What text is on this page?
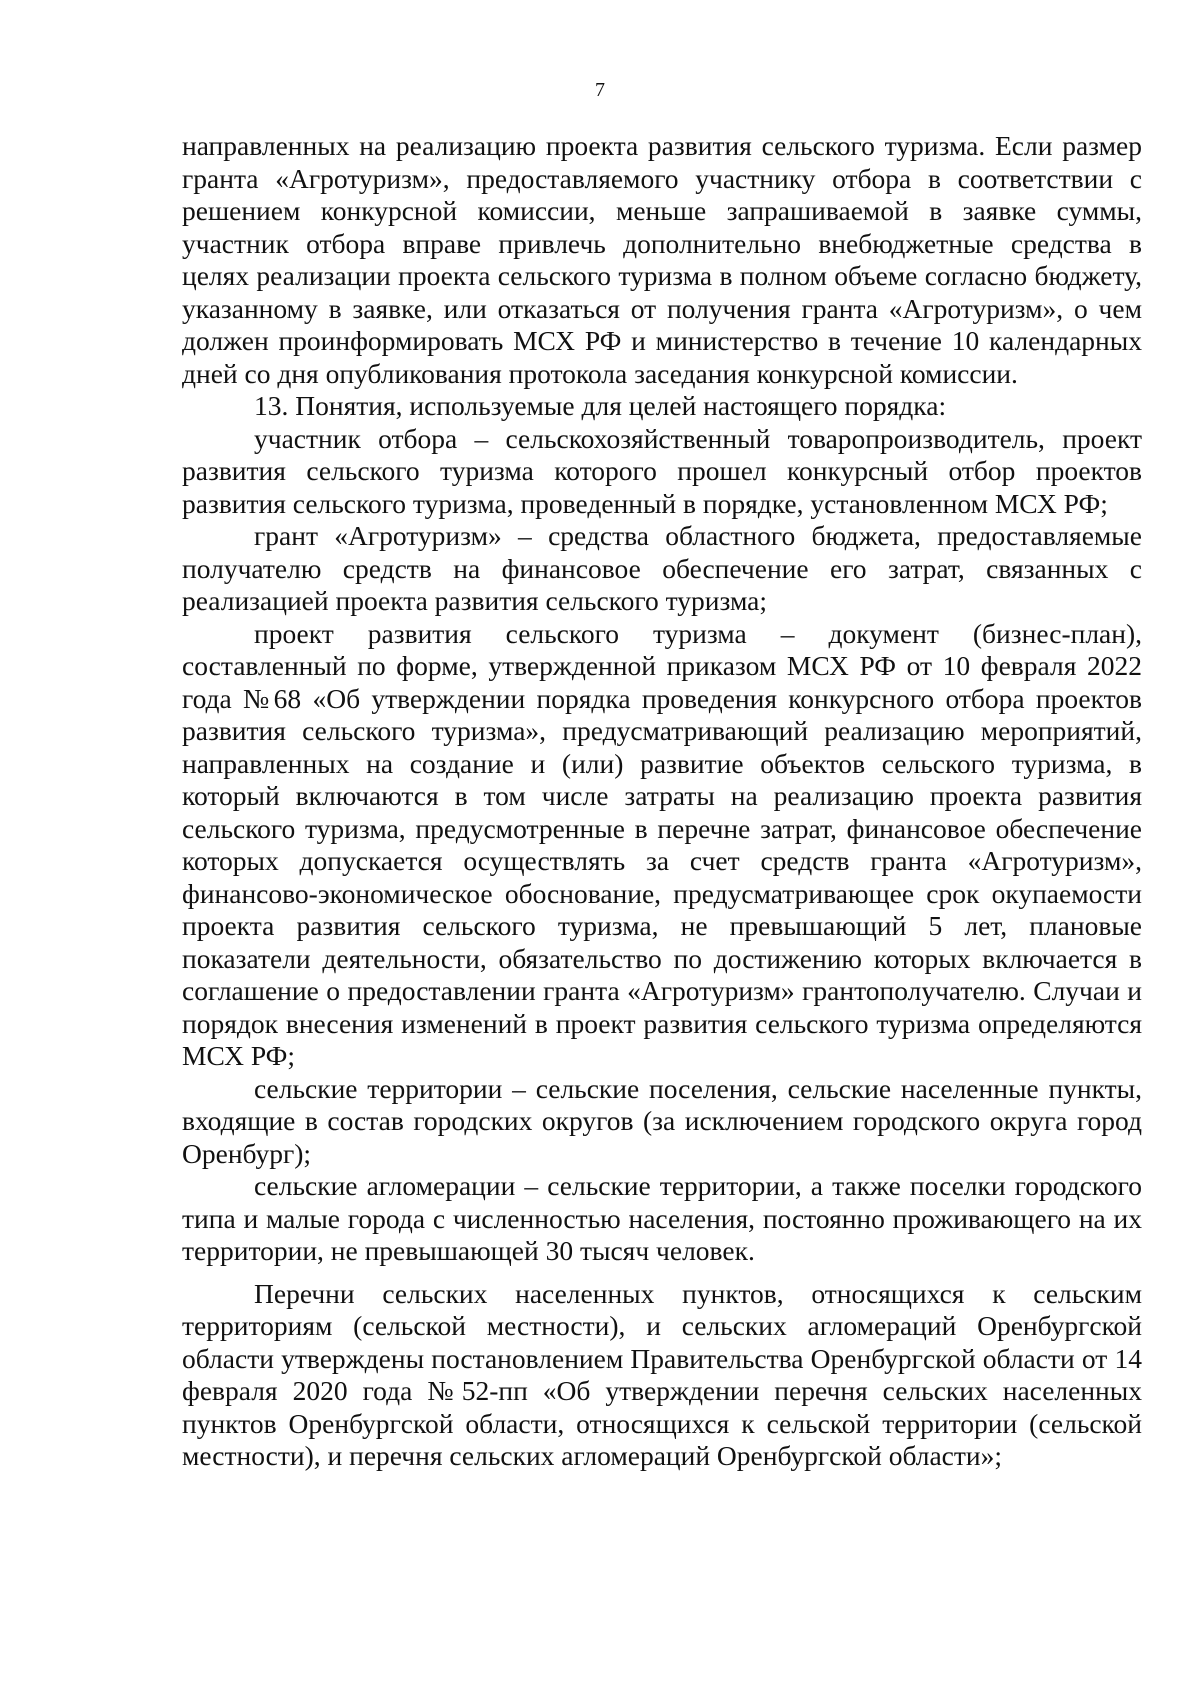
7

направленных на реализацию проекта развития сельского туризма. Если размер гранта «Агротуризм», предоставляемого участнику отбора в соответствии с решением конкурсной комиссии, меньше запрашиваемой в заявке суммы, участник отбора вправе привлечь дополнительно внебюджетные средства в целях реализации проекта сельского туризма в полном объеме согласно бюджету, указанному в заявке, или отказаться от получения гранта «Агротуризм», о чем должен проинформировать МСХ РФ и министерство в течение 10 календарных дней со дня опубликования протокола заседания конкурсной комиссии.

13. Понятия, используемые для целей настоящего порядка:

участник отбора – сельскохозяйственный товаропроизводитель, проект развития сельского туризма которого прошел конкурсный отбор проектов развития сельского туризма, проведенный в порядке, установленном МСХ РФ;

грант «Агротуризм» – средства областного бюджета, предоставляемые получателю средств на финансовое обеспечение его затрат, связанных с реализацией проекта развития сельского туризма;

проект развития сельского туризма – документ (бизнес-план), составленный по форме, утвержденной приказом МСХ РФ от 10 февраля 2022 года №68 «Об утверждении порядка проведения конкурсного отбора проектов развития сельского туризма», предусматривающий реализацию мероприятий, направленных на создание и (или) развитие объектов сельского туризма, в который включаются в том числе затраты на реализацию проекта развития сельского туризма, предусмотренные в перечне затрат, финансовое обеспечение которых допускается осуществлять за счет средств гранта «Агротуризм», финансово-экономическое обоснование, предусматривающее срок окупаемости проекта развития сельского туризма, не превышающий 5 лет, плановые показатели деятельности, обязательство по достижению которых включается в соглашение о предоставлении гранта «Агротуризм» грантополучателю. Случаи и порядок внесения изменений в проект развития сельского туризма определяются МСХ РФ;

сельские территории – сельские поселения, сельские населенные пункты, входящие в состав городских округов (за исключением городского округа город Оренбург);

сельские агломерации – сельские территории, а также поселки городского типа и малые города с численностью населения, постоянно проживающего на их территории, не превышающей 30 тысяч человек.

Перечни сельских населенных пунктов, относящихся к сельским территориям (сельской местности), и сельских агломераций Оренбургской области утверждены постановлением Правительства Оренбургской области от 14 февраля 2020 года №52-пп «Об утверждении перечня сельских населенных пунктов Оренбургской области, относящихся к сельской территории (сельской местности), и перечня сельских агломераций Оренбургской области»;
